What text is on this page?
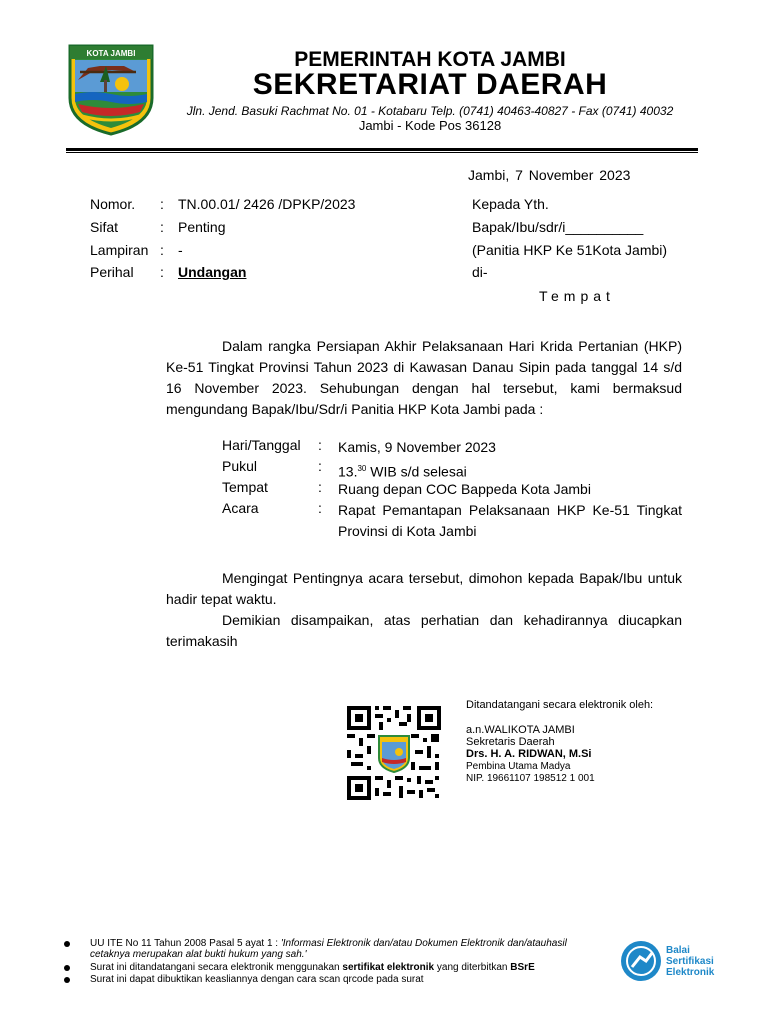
KOTA JAMBI	PEMERINTAH KOTA JAMBI
SEKRETARIAT DAERAH
Jln. Jend. Basuki Rachmat No. 01 - Kotabaru Telp. (0741) 40463-40827 - Fax (0741) 40032
Jambi - Kode Pos 36128
Jambi, 7 November 2023
Nomor. : TN.00.01/ 2426 /DPKP/2023
Sifat	: Penting
Lampiran : -
Perihal : Undangan
Kepada Yth.
Bapak/Ibu/sdr/i__________
(Panitia HKP Ke 51Kota Jambi)
di-
Tempat
Dalam rangka Persiapan Akhir Pelaksanaan Hari Krida Pertanian (HKP) Ke-51 Tingkat Provinsi Tahun 2023 di Kawasan Danau Sipin pada tanggal 14 s/d 16 November 2023. Sehubungan dengan hal tersebut, kami bermaksud mengundang Bapak/Ibu/Sdr/i Panitia HKP Kota Jambi pada :
Hari/Tanggal : Kamis, 9 November 2023
Pukul	: 13.30 WIB s/d selesai
Tempat	: Ruang depan COC Bappeda Kota Jambi
Acara	: Rapat Pemantapan Pelaksanaan HKP Ke-51 Tingkat Provinsi di Kota Jambi
Mengingat Pentingnya acara tersebut, dimohon kepada Bapak/Ibu untuk hadir tepat waktu.
Demikian disampaikan, atas perhatian dan kehadirannya diucapkan terimakasih
Ditandatangani secara elektronik oleh:
a.n.WALIKOTA JAMBI
Sekretaris Daerah
Drs. H. A. RIDWAN, M.Si
Pembina Utama Madya
NIP. 19661107 198512 1 001
UU ITE No 11 Tahun 2008 Pasal 5 ayat 1 : 'Informasi Elektronik dan/atau Dokumen Elektronik dan/atauhasil cetaknya merupakan alat bukti hukum yang sah.'
Surat ini ditandatangani secara elektronik menggunakan sertifikat elektronik yang diterbitkan BSrE
Surat ini dapat dibuktikan keasliannya dengan cara scan qrcode pada surat
Balai
Sertifikasi
Elektronik
